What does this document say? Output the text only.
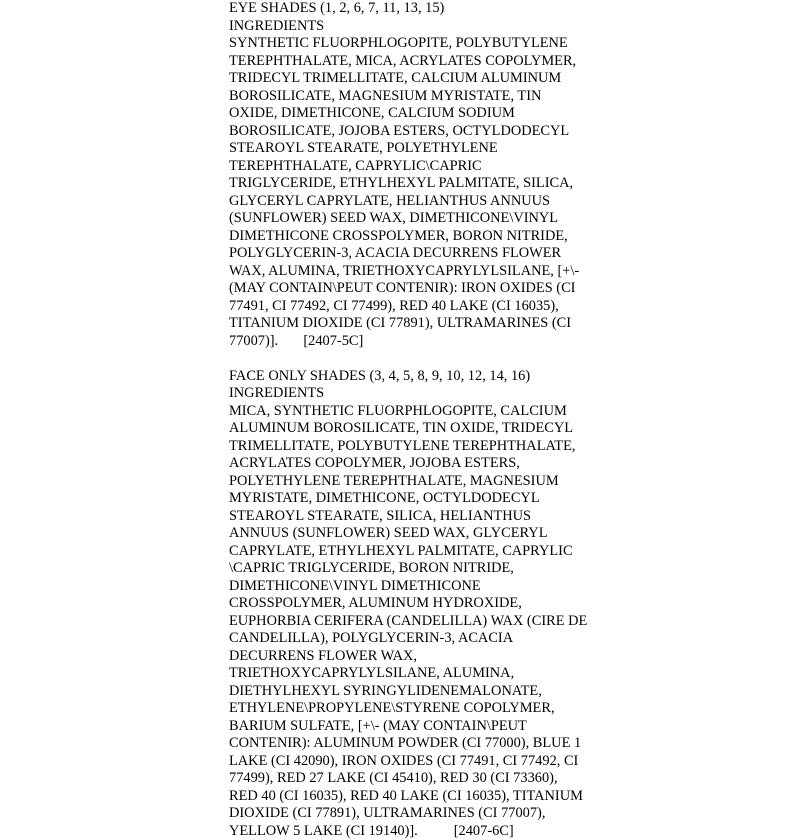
EYE SHADES (1, 2, 6, 7, 11, 13, 15)
INGREDIENTS
SYNTHETIC FLUORPHLOGOPITE, POLYBUTYLENE
TEREPHTHALATE, MICA, ACRYLATES COPOLYMER,
TRIDECYL TRIMELLITATE, CALCIUM ALUMINUM
BOROSILICATE, MAGNESIUM MYRISTATE, TIN
OXIDE, DIMETHICONE, CALCIUM SODIUM
BOROSILICATE, JOJOBA ESTERS, OCTYLDODECYL
STEAROYL STEARATE, POLYETHYLENE
TEREPHTHALATE, CAPRYLIC\CAPRIC
TRIGLYCERIDE, ETHYLHEXYL PALMITATE, SILICA,
GLYCERYL CAPRYLATE, HELIANTHUS ANNUUS
(SUNFLOWER) SEED WAX, DIMETHICONE\VINYL
DIMETHICONE CROSSPOLYMER, BORON NITRIDE,
POLYGLYCERIN-3, ACACIA DECURRENS FLOWER
WAX, ALUMINA, TRIETHOXYCAPRYLYLSILANE, [+\-
(MAY CONTAIN\PEUT CONTENIR): IRON OXIDES (CI
77491, CI 77492, CI 77499), RED 40 LAKE (CI 16035),
TITANIUM DIOXIDE (CI 77891), ULTRAMARINES (CI
77007)].       [2407-5C]
FACE ONLY SHADES (3, 4, 5, 8, 9, 10, 12, 14, 16)
INGREDIENTS
MICA, SYNTHETIC FLUORPHLOGOPITE, CALCIUM
ALUMINUM BOROSILICATE, TIN OXIDE, TRIDECYL
TRIMELLITATE, POLYBUTYLENE TEREPHTHALATE,
ACRYLATES COPOLYMER, JOJOBA ESTERS,
POLYETHYLENE TEREPHTHALATE, MAGNESIUM
MYRISTATE, DIMETHICONE, OCTYLDODECYL
STEAROYL STEARATE, SILICA, HELIANTHUS
ANNUUS (SUNFLOWER) SEED WAX, GLYCERYL
CAPRYLATE, ETHYLHEXYL PALMITATE, CAPRYLIC
\CAPRIC TRIGLYCERIDE, BORON NITRIDE,
DIMETHICONE\VINYL DIMETHICONE
CROSSPOLYMER, ALUMINUM HYDROXIDE,
EUPHORBIA CERIFERA (CANDELILLA) WAX (CIRE DE
CANDELILLA), POLYGLYCERIN-3, ACACIA
DECURRENS FLOWER WAX,
TRIETHOXYCAPRYLYLSILANE, ALUMINA,
DIETHYLHEXYL SYRINGYLIDENEMALONATE,
ETHYLENE\PROPYLENE\STYRENE COPOLYMER,
BARIUM SULFATE, [+\- (MAY CONTAIN\PEUT
CONTENIR): ALUMINUM POWDER (CI 77000), BLUE 1
LAKE (CI 42090), IRON OXIDES (CI 77491, CI 77492, CI
77499), RED 27 LAKE (CI 45410), RED 30 (CI 73360),
RED 40 (CI 16035), RED 40 LAKE (CI 16035), TITANIUM
DIOXIDE (CI 77891), ULTRAMARINES (CI 77007),
YELLOW 5 LAKE (CI 19140)].          [2407-6C]
